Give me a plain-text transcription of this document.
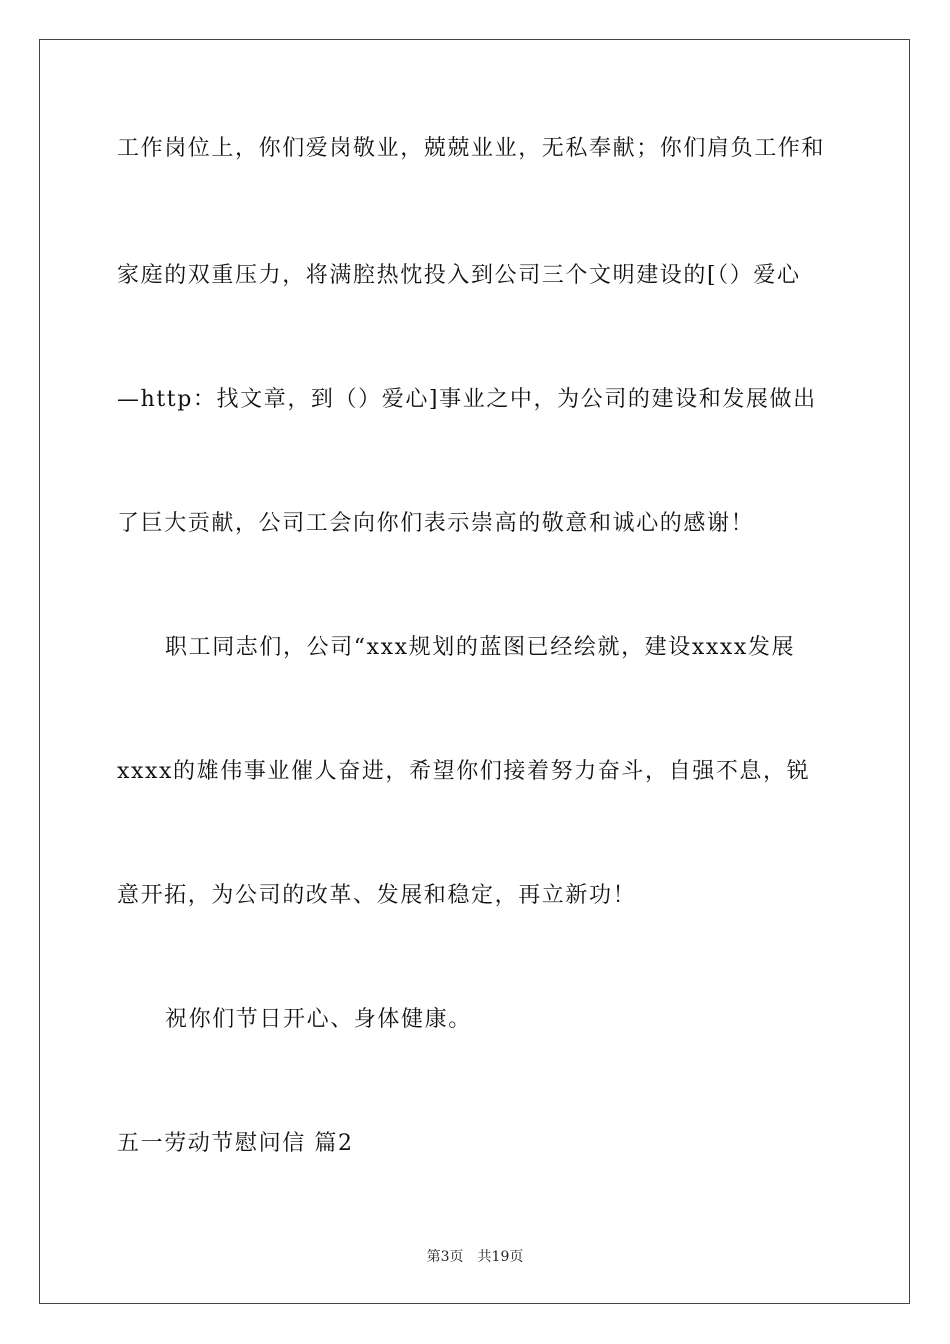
工作岗位上，你们爱岗敬业，兢兢业业，无私奉献；你们肩负工作和
家庭的双重压力，将满腔热忱投入到公司三个文明建设的[（）爱心
—http：找文章，到（）爱心]事业之中，为公司的建设和发展做出
了巨大贡献，公司工会向你们表示崇高的敬意和诚心的感谢！
职工同志们，公司“xxx规划的蓝图已经绘就，建设xxxx发展
xxxx的雄伟事业催人奋进，希望你们接着努力奋斗，自强不息，锐
意开拓，为公司的改革、发展和稳定，再立新功！
祝你们节日开心、身体健康。
五一劳动节慰问信 篇2
第3页　共19页
